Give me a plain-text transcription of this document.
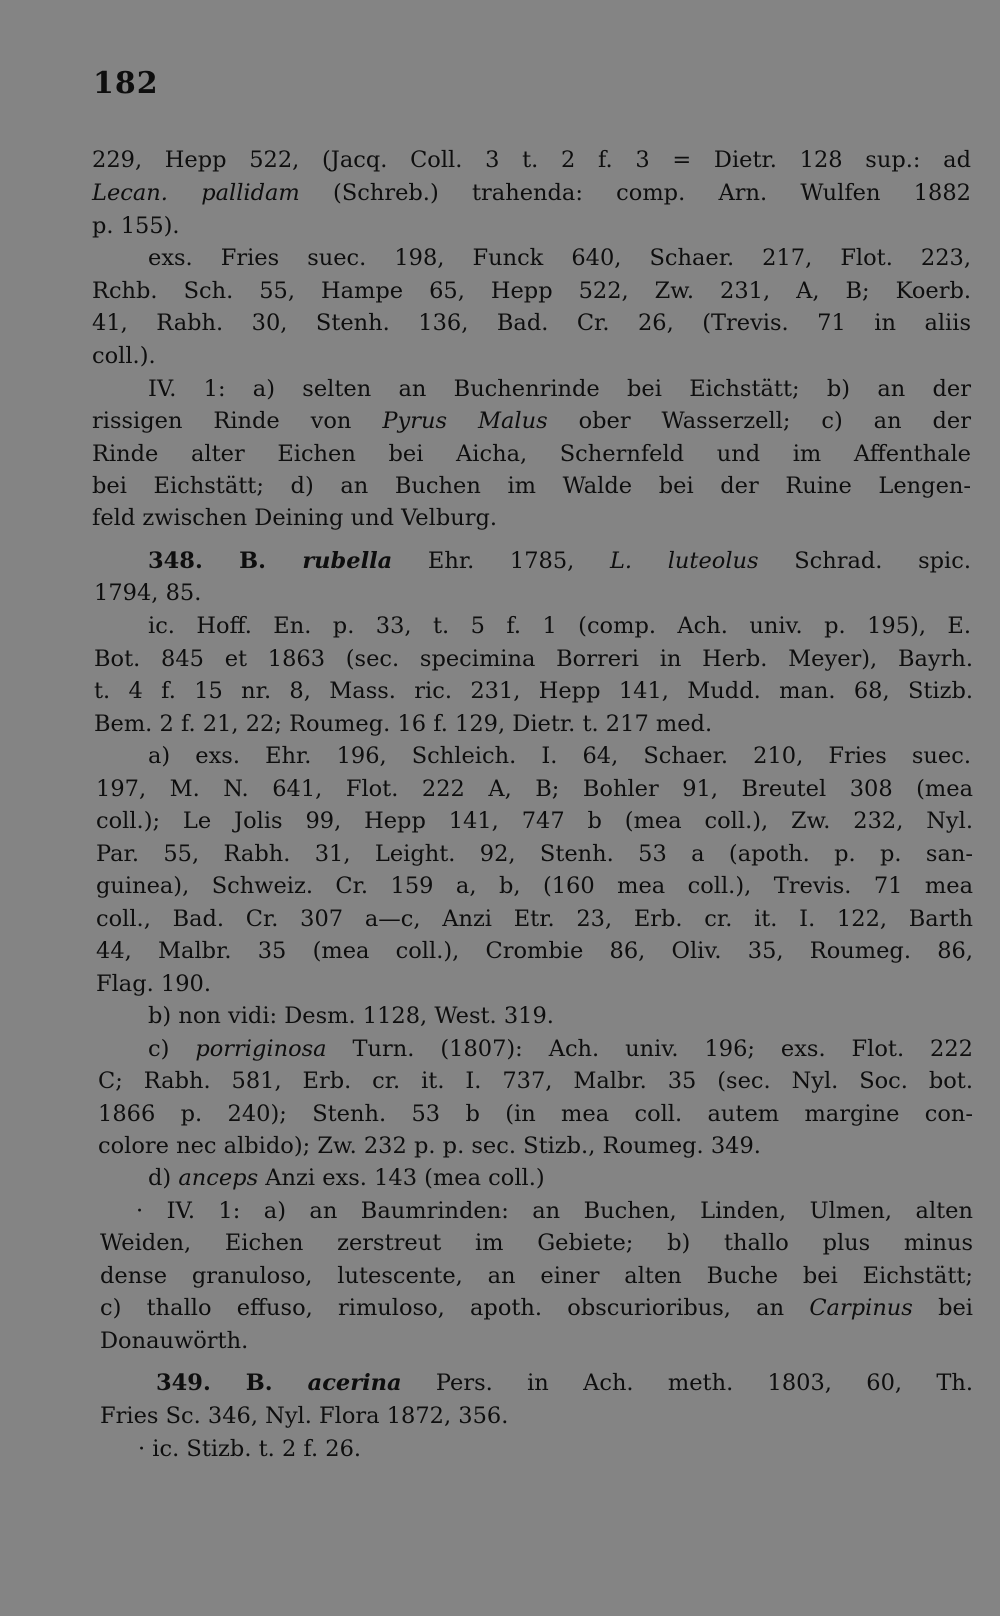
182
229, Hepp 522, (Jacq. Coll. 3 t. 2 f. 3 = Dietr. 128 sup.: ad
Lecan. pallidam (Schreb.) trahenda: comp. Arn. Wulfen 1882
p. 155).
exs. Fries suec. 198, Funck 640, Schaer. 217, Flot. 223,
Rchb. Sch. 55, Hampe 65, Hepp 522, Zw. 231, A, B; Koerb.
41, Rabh. 30, Stenh. 136, Bad. Cr. 26, (Trevis. 71 in aliis
coll.).
IV. 1: a) selten an Buchenrinde bei Eichstätt; b) an der
rissigen Rinde von Pyrus Malus ober Wasserzell; c) an der
Rinde alter Eichen bei Aicha, Schernfeld und im Affenthale
bei Eichstätt; d) an Buchen im Walde bei der Ruine Lengen-
feld zwischen Deining und Velburg.
348. B. rubella Ehr. 1785, L. luteolus Schrad. spic.
1794, 85.
ic. Hoff. En. p. 33, t. 5 f. 1 (comp. Ach. univ. p. 195), E.
Bot. 845 et 1863 (sec. specimina Borreri in Herb. Meyer), Bayrh.
t. 4 f. 15 nr. 8, Mass. ric. 231, Hepp 141, Mudd. man. 68, Stizb.
Bem. 2 f. 21, 22; Roumeg. 16 f. 129, Dietr. t. 217 med.
a) exs. Ehr. 196, Schleich. I. 64, Schaer. 210, Fries suec.
197, M. N. 641, Flot. 222 A, B; Bohler 91, Breutel 308 (mea
coll.); Le Jolis 99, Hepp 141, 747 b (mea coll.), Zw. 232, Nyl.
Par. 55, Rabh. 31, Leight. 92, Stenh. 53 a (apoth. p. p. san-
guinea), Schweiz. Cr. 159 a, b, (160 mea coll.), Trevis. 71 mea
coll., Bad. Cr. 307 a—c, Anzi Etr. 23, Erb. cr. it. I. 122, Barth
44, Malbr. 35 (mea coll.), Crombie 86, Oliv. 35, Roumeg. 86,
Flag. 190.
b) non vidi: Desm. 1128, West. 319.
c) porriginosa Turn. (1807): Ach. univ. 196; exs. Flot. 222
C; Rabh. 581, Erb. cr. it. I. 737, Malbr. 35 (sec. Nyl. Soc. bot.
1866 p. 240); Stenh. 53 b (in mea coll. autem margine con-
colore nec albido); Zw. 232 p. p. sec. Stizb., Roumeg. 349.
d) anceps Anzi exs. 143 (mea coll.)
· IV. 1: a) an Baumrinden: an Buchen, Linden, Ulmen, alten
Weiden, Eichen zerstreut im Gebiete; b) thallo plus minus
dense granuloso, lutescente, an einer alten Buche bei Eichstätt;
c) thallo effuso, rimuloso, apoth. obscurioribus, an Carpinus bei
Donauwörth.
349. B. acerina Pers. in Ach. meth. 1803, 60, Th.
Fries Sc. 346, Nyl. Flora 1872, 356.
· ic. Stizb. t. 2 f. 26.
